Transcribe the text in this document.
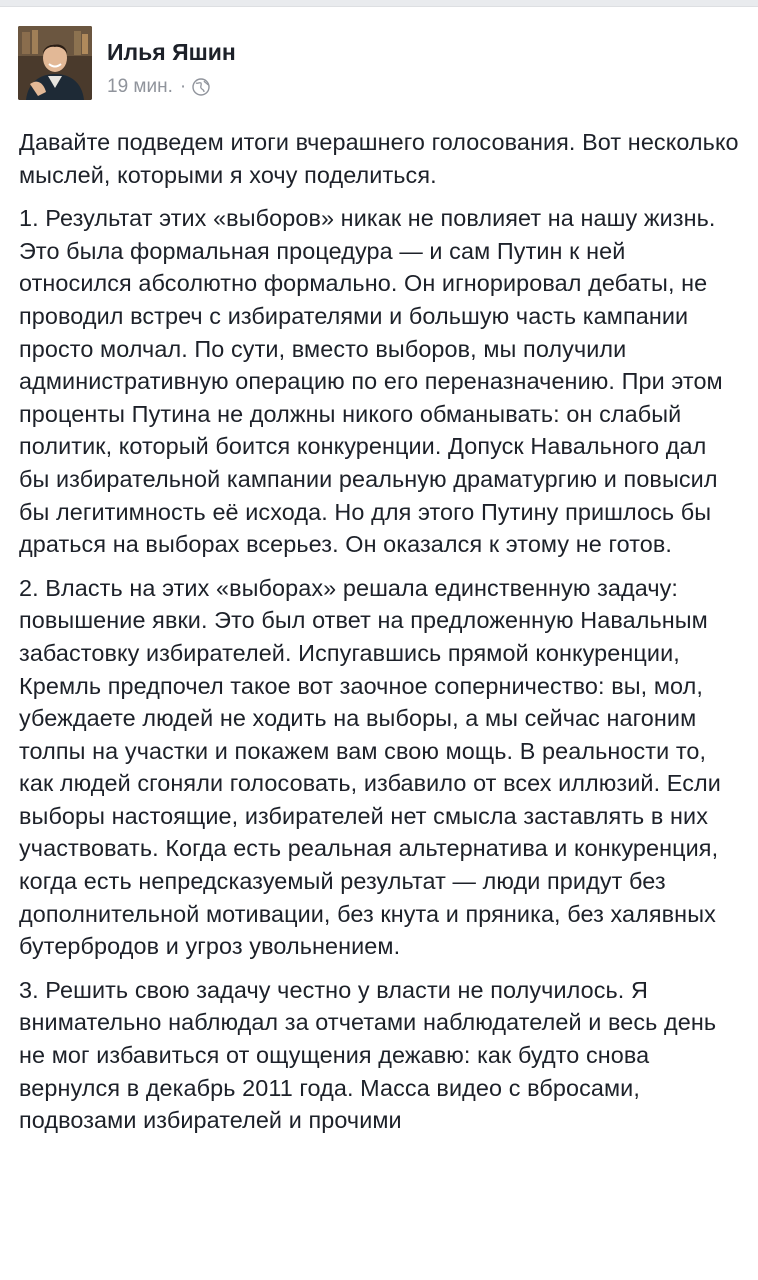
Илья Яшин
19 мин. ·

Давайте подведем итоги вчерашнего голосования. Вот несколько мыслей, которыми я хочу поделиться.

1. Результат этих «выборов» никак не повлияет на нашу жизнь. Это была формальная процедура — и сам Путин к ней относился абсолютно формально. Он игнорировал дебаты, не проводил встреч с избирателями и большую часть кампании просто молчал. По сути, вместо выборов, мы получили административную операцию по его переназначению. При этом проценты Путина не должны никого обманывать: он слабый политик, который боится конкуренции. Допуск Навального дал бы избирательной кампании реальную драматургию и повысил бы легитимность её исхода. Но для этого Путину пришлось бы драться на выборах всерьез. Он оказался к этому не готов.

2. Власть на этих «выборах» решала единственную задачу: повышение явки. Это был ответ на предложенную Навальным забастовку избирателей. Испугавшись прямой конкуренции, Кремль предпочел такое вот заочное соперничество: вы, мол, убеждаете людей не ходить на выборы, а мы сейчас нагоним толпы на участки и покажем вам свою мощь. В реальности то, как людей сгоняли голосовать, избавило от всех иллюзий. Если выборы настоящие, избирателей нет смысла заставлять в них участвовать. Когда есть реальная альтернатива и конкуренция, когда есть непредсказуемый результат — люди придут без дополнительной мотивации, без кнута и пряника, без халявных бутербродов и угроз увольнением.

3. Решить свою задачу честно у власти не получилось. Я внимательно наблюдал за отчетами наблюдателей и весь день не мог избавиться от ощущения дежавю: как будто снова вернулся в декабрь 2011 года. Масса видео с вбросами, подвозами избирателей и прочими
